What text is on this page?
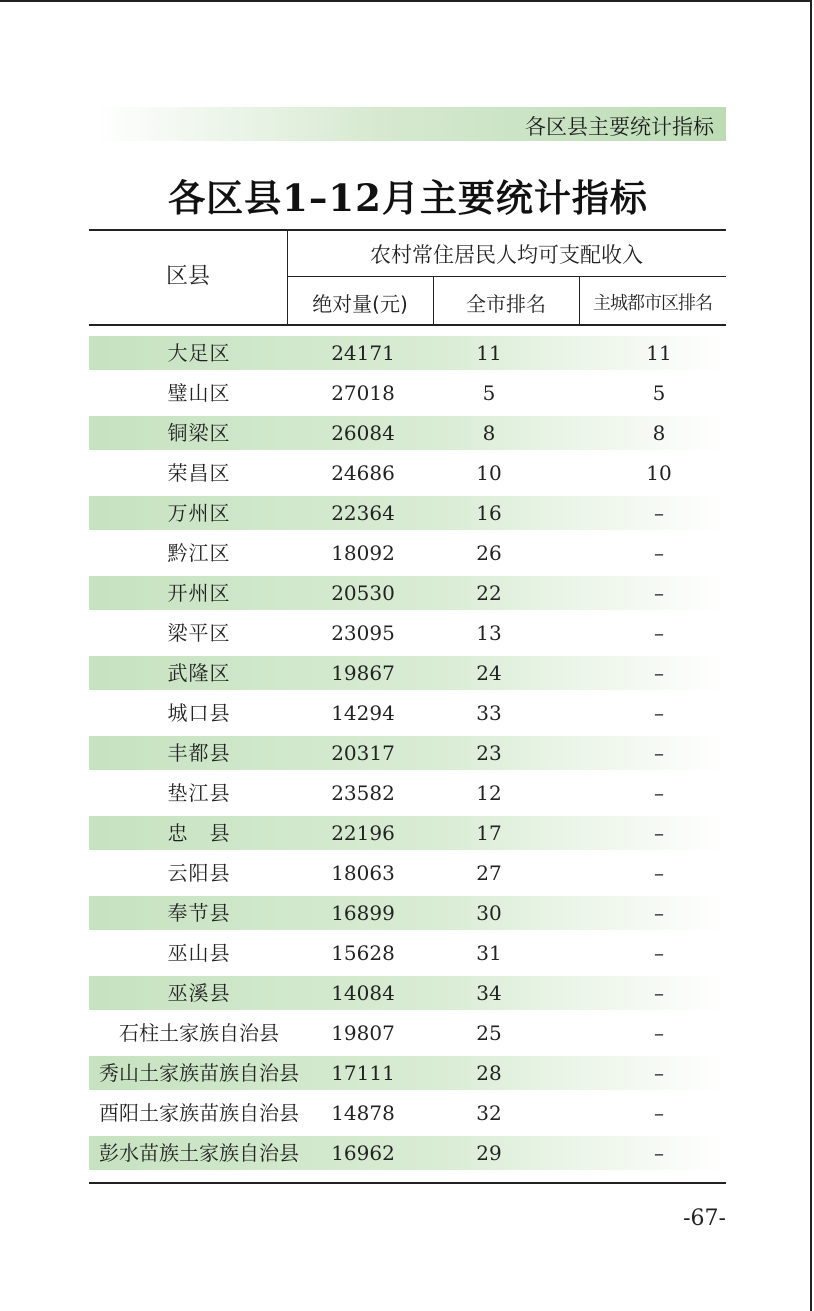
各区县主要统计指标
各区县1–12月主要统计指标
区县
农村常住居民人均可支配收入
绝对量(元)	全市排名	主城都市区排名
大足区	24171	11	11
璧山区	27018	5	5
铜梁区	26084	8	8
荣昌区	24686	10	10
万州区	22364	16	–
黔江区	18092	26	–
开州区	20530	22	–
梁平区	23095	13	–
武隆区	19867	24	–
城口县	14294	33	–
丰都县	20317	23	–
垫江县	23582	12	–
忠　县	22196	17	–
云阳县	18063	27	–
奉节县	16899	30	–
巫山县	15628	31	–
巫溪县	14084	34	–
石柱土家族自治县	19807	25	–
秀山土家族苗族自治县	17111	28	–
酉阳土家族苗族自治县	14878	32	–
彭水苗族土家族自治县	16962	29	–
-67-
